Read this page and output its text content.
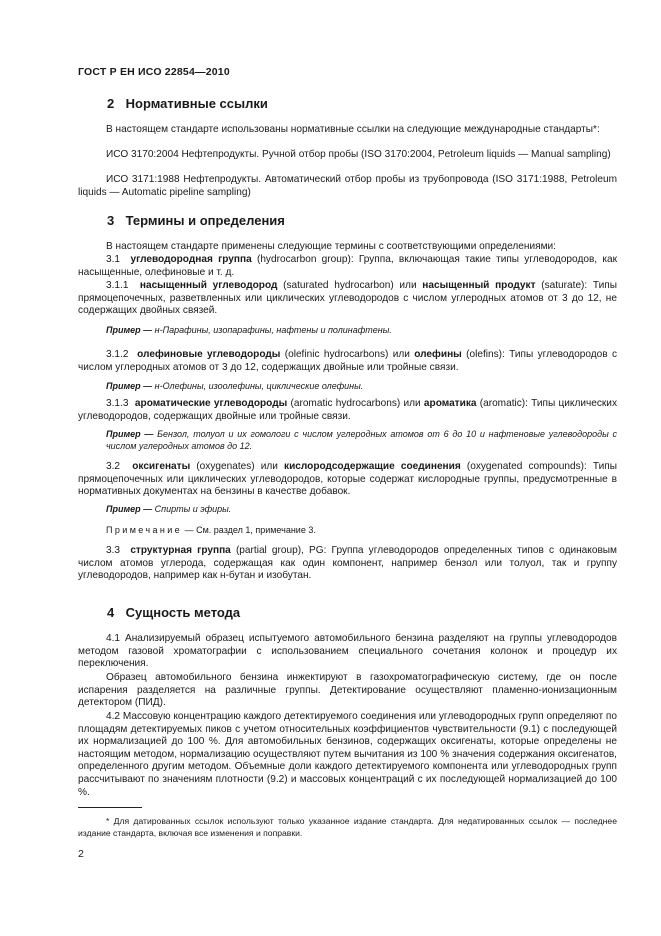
ГОСТ Р ЕН ИСО 22854—2010
2 Нормативные ссылки
В настоящем стандарте использованы нормативные ссылки на следующие международные стандарты*:
ИСО 3170:2004 Нефтепродукты. Ручной отбор пробы (ISO 3170:2004, Petroleum liquids — Manual sampling)
ИСО 3171:1988 Нефтепродукты. Автоматический отбор пробы из трубопровода (ISO 3171:1988, Petroleum liquids — Automatic pipeline sampling)
3 Термины и определения
В настоящем стандарте применены следующие термины с соответствующими определениями:
3.1 углеводородная группа (hydrocarbon group): Группа, включающая такие типы углеводородов, как насыщенные, олефиновые и т. д.
3.1.1 насыщенный углеводород (saturated hydrocarbon) или насыщенный продукт (saturate): Типы прямоцепочечных, разветвленных или циклических углеводородов с числом углеродных атомов от 3 до 12, не содержащих двойных связей.
Пример — н-Парафины, изопарафины, нафтены и полинафтены.
3.1.2 олефиновые углеводороды (olefinic hydrocarbons) или олефины (olefins): Типы углеводородов с числом углеродных атомов от 3 до 12, содержащих двойные или тройные связи.
Пример — н-Олефины, изоолефины, циклические олефины.
3.1.3 ароматические углеводороды (aromatic hydrocarbons) или ароматика (aromatic): Типы циклических углеводородов, содержащих двойные или тройные связи.
Пример — Бензол, толуол и их гомологи с числом углеродных атомов от 6 до 10 и нафтеновые углеводороды с числом углеродных атомов до 12.
3.2 оксигенаты (oxygenates) или кислородсодержащие соединения (oxygenated compounds): Типы прямоцепочечных или циклических углеводородов, которые содержат кислородные группы, предусмотренные в нормативных документах на бензины в качестве добавок.
Пример — Спирты и эфиры.
Примечание — См. раздел 1, примечание 3.
3.3 структурная группа (partial group), PG: Группа углеводородов определенных типов с одинаковым числом атомов углерода, содержащая как один компонент, например бензол или толуол, так и группу углеводородов, например как н-бутан и изобутан.
4 Сущность метода
4.1 Анализируемый образец испытуемого автомобильного бензина разделяют на группы углеводородов методом газовой хроматографии с использованием специального сочетания колонок и процедур их переключения.
Образец автомобильного бензина инжектируют в газохроматографическую систему, где он после испарения разделяется на различные группы. Детектирование осуществляют пламенно-ионизационным детектором (ПИД).
4.2 Массовую концентрацию каждого детектируемого соединения или углеводородных групп определяют по площадям детектируемых пиков с учетом относительных коэффициентов чувствительности (9.1) с последующей их нормализацией до 100 %. Для автомобильных бензинов, содержащих оксигенаты, которые определены не настоящим методом, нормализацию осуществляют путем вычитания из 100 % значения содержания оксигенатов, определенного другим методом. Объемные доли каждого детектируемого компонента или углеводородных групп рассчитывают по значениям плотности (9.2) и массовых концентраций с их последующей нормализацией до 100 %.
* Для датированных ссылок используют только указанное издание стандарта. Для недатированных ссылок — последнее издание стандарта, включая все изменения и поправки.
2
